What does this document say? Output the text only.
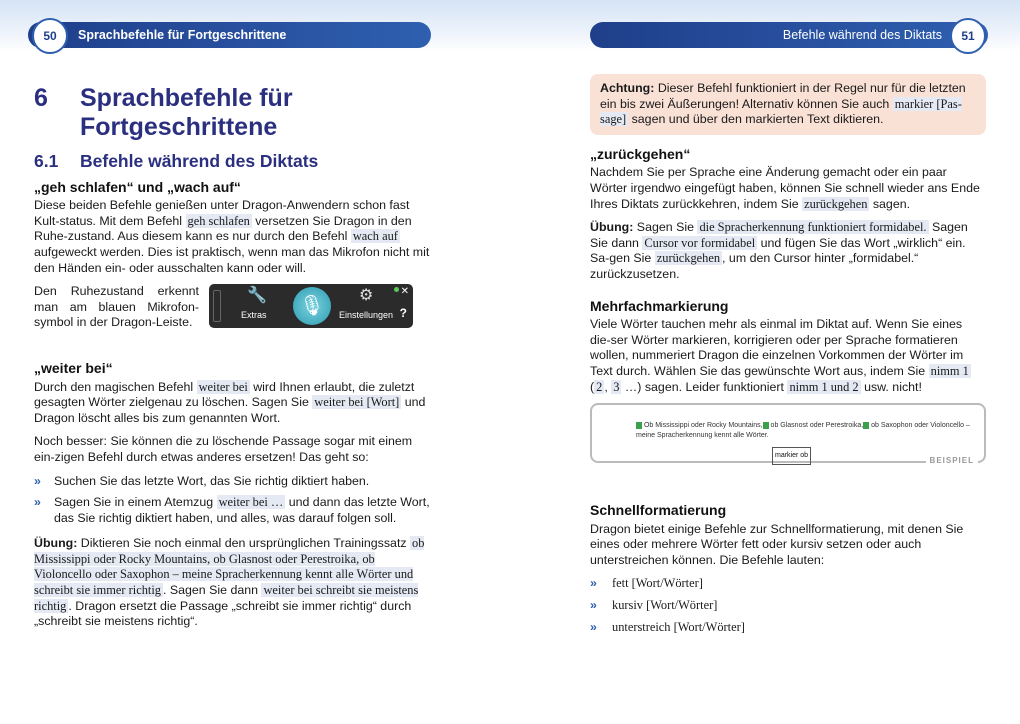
50	Sprachbefehle für Fortgeschrittene	Befehle während des Diktats	51
6	Sprachbefehle für
Fortgeschrittene
6.1	Befehle während des Diktats
„geh schlafen“ und „wach auf“

Diese beiden Befehle genießen unter Dragon-Anwendern schon fast Kult-status. Mit dem Befehl geh schlafen versetzen Sie Dragon in den Ruhe-zustand. Aus diesem kann es nur durch den Befehl wach auf aufgeweckt werden. Dies ist praktisch, wenn man das Mikrofon nicht mit den Händen ein- oder ausschalten kann oder will.

Den Ruhezustand erkennt man am blauen Mikrofon-symbol in der Dragon-Leiste.
🔧
Extras	🎙	⚙
Einstellungen
✕
?
„weiter bei“

Durch den magischen Befehl weiter bei wird Ihnen erlaubt, die zuletzt gesagten Wörter zielgenau zu löschen. Sagen Sie weiter bei [Wort] und Dragon löscht alles bis zum genannten Wort.

Noch besser: Sie können die zu löschende Passage sogar mit einem ein-zigen Befehl durch etwas anderes ersetzen! Das geht so:

»	Suchen Sie das letzte Wort, das Sie richtig diktiert haben.
»	Sagen Sie in einem Atemzug weiter bei … und dann das letzte Wort, das Sie richtig diktiert haben, und alles, was darauf folgen soll.

Übung: Diktieren Sie noch einmal den ursprünglichen Trainingssatz ob Mississippi oder Rocky Mountains, ob Glasnost oder Perestroika, ob Violoncello oder Saxophon – meine Spracherkennung kennt alle Wörter und schreibt sie immer richtig . Sagen Sie dann weiter bei schreibt sie meistens richtig . Dragon ersetzt die Passage „schreibt sie immer richtig“ durch „schreibt sie meistens richtig“.

Achtung: Dieser Befehl funktioniert in der Regel nur für die letzten ein bis zwei Äußerungen! Alternativ können Sie auch markier [Pas-sage] sagen und über den markierten Text diktieren.
„zurückgehen“

Nachdem Sie per Sprache eine Änderung gemacht oder ein paar Wörter irgendwo eingefügt haben, können Sie schnell wieder ans Ende Ihres Diktats zurückkehren, indem Sie zurückgehen sagen.

Übung: Sagen Sie die Spracherkennung funktioniert formidabel. Sagen Sie dann Cursor vor formidabel und fügen Sie das Wort „wirklich“ ein. Sa-gen Sie zurückgehen , um den Cursor hinter „formidabel.“ zurückzusetzen.

Mehrfachmarkierung

Viele Wörter tauchen mehr als einmal im Diktat auf. Wenn Sie eines die-ser Wörter markieren, korrigieren oder per Sprache formatieren wollen, nummeriert Dragon die einzelnen Vorkommen der Wörter im Text durch. Wählen Sie das gewünschte Wort aus, indem Sie nimm 1 ( 2 , 3 …) sagen. Leider funktioniert nimm 1 und 2 usw. nicht!

Ob Mississippi oder Rocky Mountains, ob Glasnost oder Perestroika, ob Saxophon oder Violoncello –
meine Spracherkennung kennt alle Wörter.
markier ob	BEISPIEL
Schnellformatierung

Dragon bietet einige Befehle zur Schnellformatierung, mit denen Sie eines oder mehrere Wörter fett oder kursiv setzen oder auch unterstreichen können. Die Befehle lauten:

»	fett [Wort/Wörter]
»	kursiv [Wort/Wörter]
»	unterstreich [Wort/Wörter]
